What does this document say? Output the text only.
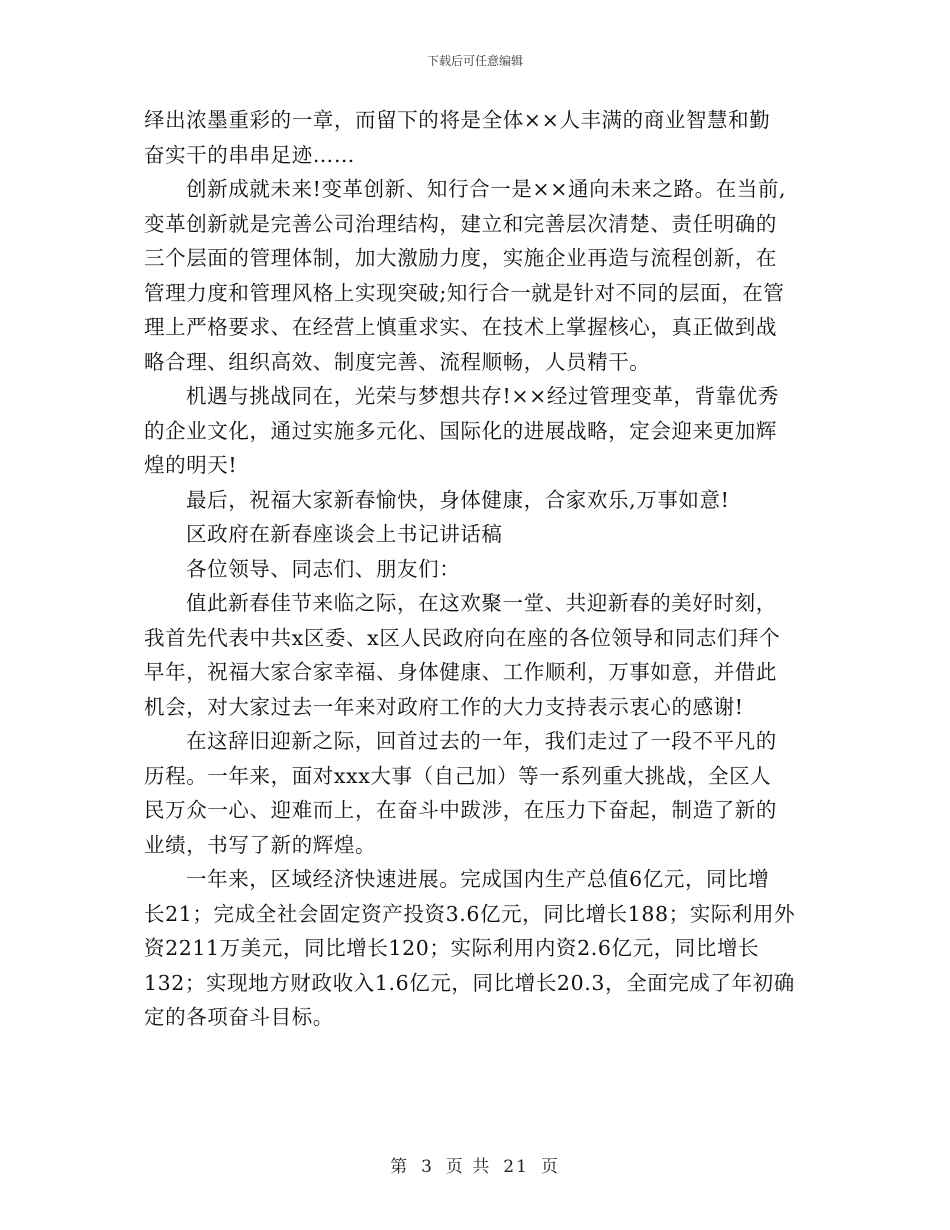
下载后可任意编辑
绎出浓墨重彩的一章，而留下的将是全体××人丰满的商业智慧和勤
奋实干的串串足迹……
创新成就未来!变革创新、知行合一是××通向未来之路。在当前,
变革创新就是完善公司治理结构，建立和完善层次清楚、责任明确的
三个层面的管理体制，加大激励力度，实施企业再造与流程创新，在
管理力度和管理风格上实现突破;知行合一就是针对不同的层面，在管
理上严格要求、在经营上慎重求实、在技术上掌握核心，真正做到战
略合理、组织高效、制度完善、流程顺畅，人员精干。
机遇与挑战同在，光荣与梦想共存!××经过管理变革，背靠优秀
的企业文化，通过实施多元化、国际化的进展战略，定会迎来更加辉
煌的明天!
最后，祝福大家新春愉快，身体健康，合家欢乐,万事如意!
区政府在新春座谈会上书记讲话稿
各位领导、同志们、朋友们：
值此新春佳节来临之际，在这欢聚一堂、共迎新春的美好时刻，
我首先代表中共x区委、x区人民政府向在座的各位领导和同志们拜个
早年，祝福大家合家幸福、身体健康、工作顺利，万事如意，并借此
机会，对大家过去一年来对政府工作的大力支持表示衷心的感谢!
在这辞旧迎新之际，回首过去的一年，我们走过了一段不平凡的
历程。一年来，面对xxx大事（自己加）等一系列重大挑战，全区人
民万众一心、迎难而上，在奋斗中跋涉，在压力下奋起，制造了新的
业绩，书写了新的辉煌。
一年来，区域经济快速进展。完成国内生产总值6亿元，同比增
长21；完成全社会固定资产投资3.6亿元，同比增长188；实际利用外
资2211万美元，同比增长120；实际利用内资2.6亿元，同比增长
132；实现地方财政收入1.6亿元，同比增长20.3，全面完成了年初确
定的各项奋斗目标。
第 3 页 共 21 页
